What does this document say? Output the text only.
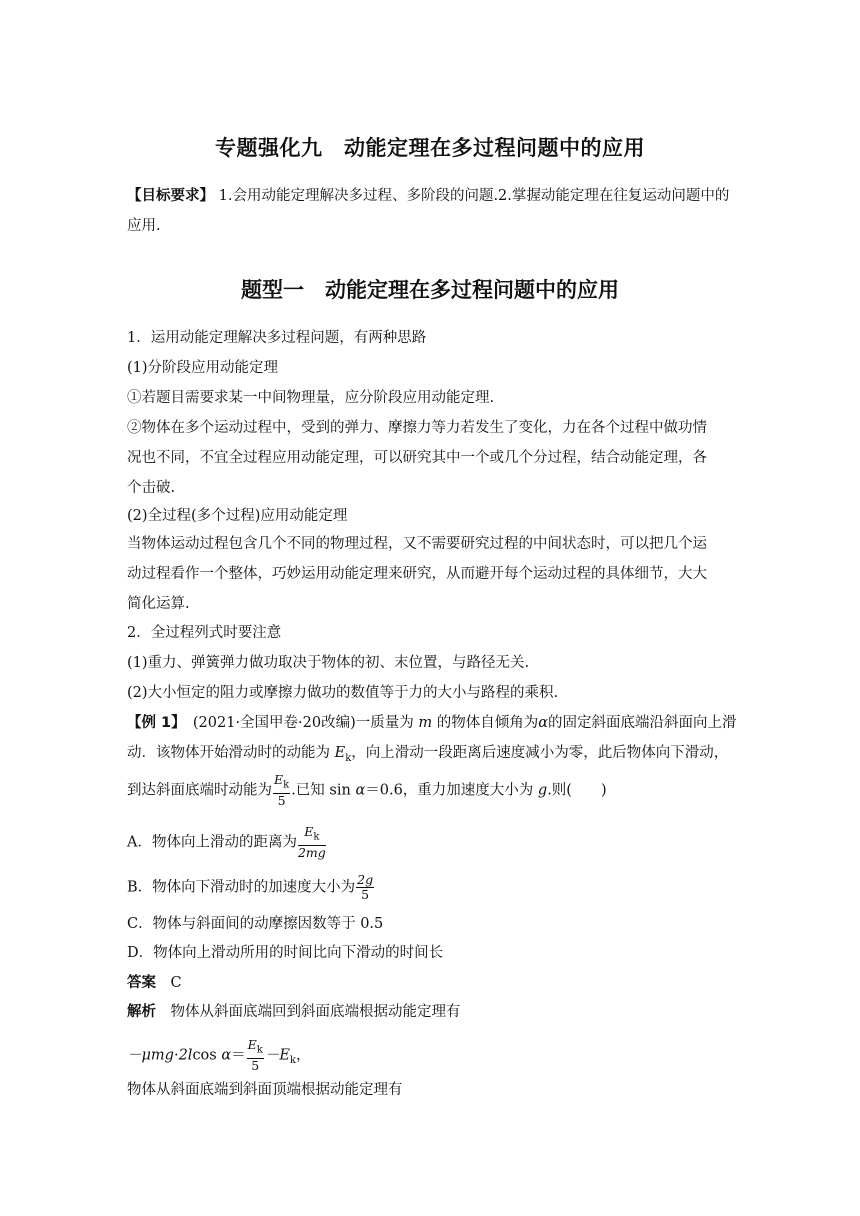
专题强化九　动能定理在多过程问题中的应用
【目标要求】 1.会用动能定理解决多过程、多阶段的问题.2.掌握动能定理在往复运动问题中的
应用.
题型一　动能定理在多过程问题中的应用
1．运用动能定理解决多过程问题，有两种思路
(1)分阶段应用动能定理
①若题目需要求某一中间物理量，应分阶段应用动能定理.
②物体在多个运动过程中，受到的弹力、摩擦力等力若发生了变化，力在各个过程中做功情
况也不同，不宜全过程应用动能定理，可以研究其中一个或几个分过程，结合动能定理，各
个击破.
(2)全过程(多个过程)应用动能定理
当物体运动过程包含几个不同的物理过程，又不需要研究过程的中间状态时，可以把几个运
动过程看作一个整体，巧妙运用动能定理来研究，从而避开每个运动过程的具体细节，大大
简化运算.
2．全过程列式时要注意
(1)重力、弹簧弹力做功取决于物体的初、末位置，与路径无关.
(2)大小恒定的阻力或摩擦力做功的数值等于力的大小与路程的乘积.
【例 1】　(2021·全国甲卷·20改编)一质量为 m 的物体自倾角为α的固定斜面底端沿斜面向上滑
动．该物体开始滑动时的动能为 $E_k$，向上滑动一段距离后速度减小为零，此后物体向下滑动，
到达斜面底端时动能为 $\frac{E_k}{5}$ .已知 sin α＝0.6，重力加速度大小为 g.则(　　)
A．物体向上滑动的距离为 $\frac{E_k}{2mg}$
B．物体向下滑动时的加速度大小为 $\frac{2g}{5}$
C．物体与斜面间的动摩擦因数等于 0.5
D．物体向上滑动所用的时间比向下滑动的时间长
答案　 C
解析　物体从斜面底端回到斜面底端根据动能定理有
－μmg·2lcos $\alpha= \frac{E_k}{5} -E_k$，
物体从斜面底端到斜面顶端根据动能定理有
